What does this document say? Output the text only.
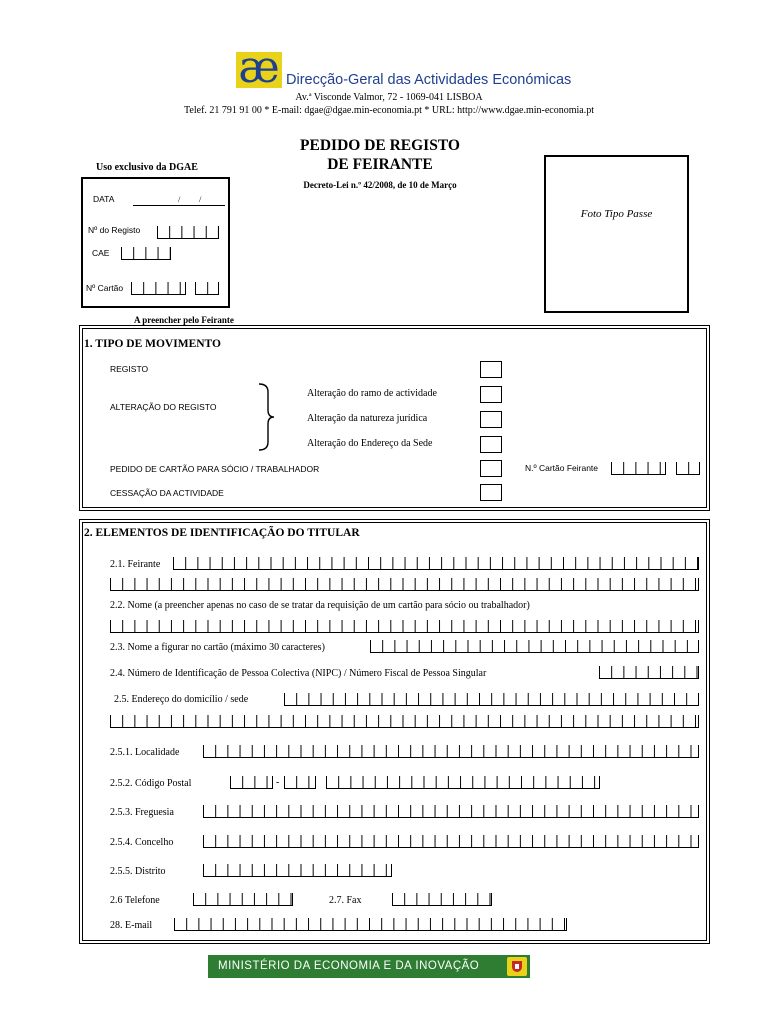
æ Direcção-Geral das Actividades Económicas
Av.ª Visconde Valmor, 72 - 1069-041 LISBOA
Telef. 21 791 91 00 * E-mail: dgae@dgae.min-economia.pt * URL: http://www.dgae.min-economia.pt
PEDIDO DE REGISTO
DE FEIRANTE
Decreto-Lei n.º 42/2008, de 10 de Março
Uso exclusivo da DGAE
DATA	/ /
Nº do Registo
CAE
Nº Cartão
Foto Tipo Passe
A preencher pelo Feirante
1. TIPO DE MOVIMENTO
REGISTO
ALTERAÇÃO DO REGISTO
Alteração do ramo de actividade
Alteração da natureza jurídica
Alteração do Endereço da Sede
PEDIDO DE CARTÃO PARA SÓCIO / TRABALHADOR	N.º Cartão Feirante
CESSAÇÃO DA ACTIVIDADE
2. ELEMENTOS DE IDENTIFICAÇÃO DO TITULAR
2.1. Feirante
2.2. Nome (a preencher apenas no caso de se tratar da requisição de um cartão para sócio ou trabalhador)
2.3. Nome a figurar no cartão (máximo 30 caracteres)
2.4. Número de Identificação de Pessoa Colectiva (NIPC) / Número Fiscal de Pessoa Singular
2.5. Endereço do domicílio / sede
2.5.1. Localidade
2.5.2. Código Postal	-
2.5.3. Freguesia
2.5.4. Concelho
2.5.5. Distrito
2.6 Telefone	2.7. Fax
28. E-mail
MINISTÉRIO DA ECONOMIA E DA INOVAÇÃO
